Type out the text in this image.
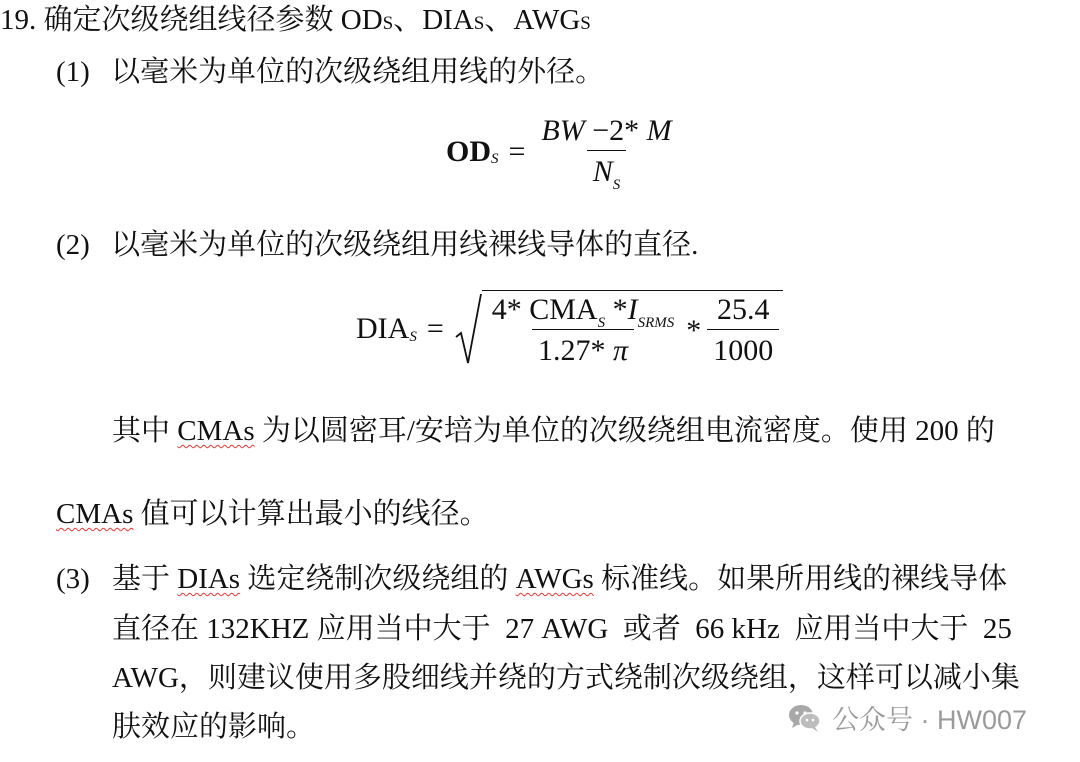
19. 确定次级绕组线径参数 ODS、DIAS、AWGS
(1) 以毫米为单位的次级绕组用线的外径。
OD $S = \frac{BW -2* M}{N_S}$
(2) 以毫米为单位的次级绕组用线裸线导体的直径.
DIA $S = \frac{4* CMA_S *I_{SRMS}}{1.27* \pi} * \frac{25.4}{1000}$
其中 CMAs 为以圆密耳/安培为单位的次级绕组电流密度。使用 200 的
CMAs 值可以计算出最小的线径。
(3) 基于 DIAs 选定绕制次级绕组的 AWGs 标准线。如果所用线的裸线导体
直径在 132KHZ 应用当中大于  27 AWG  或者  66 kHz  应用当中大于  25
AWG，则建议使用多股细线并绕的方式绕制次级绕组，这样可以减小集
肤效应的影响。	公众号 · HW007
